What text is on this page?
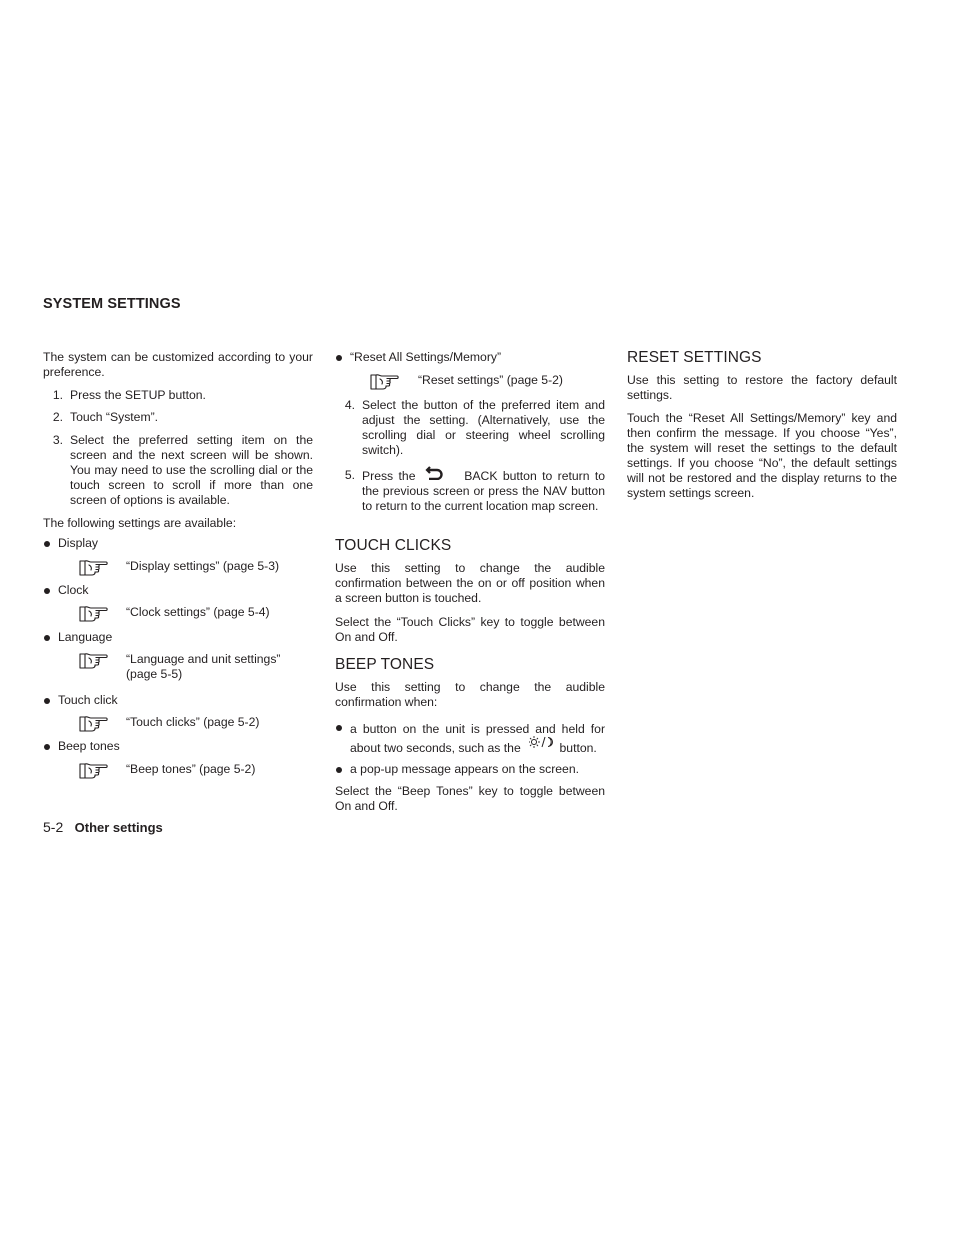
SYSTEM SETTINGS

The system can be customized according to your preference.

1. Press the SETUP button.

2. Touch “System”.

3. Select the preferred setting item on the screen and the next screen will be shown. You may need to use the scrolling dial or the touch screen to scroll if more than one screen of options is available.

The following settings are available:

Display
“Display settings” (page 5-3)
Clock
“Clock settings” (page 5-4)
Language
“Language and unit settings” (page 5-5)
Touch click
“Touch clicks” (page 5-2)
Beep tones
“Beep tones” (page 5-2)
5-2 Other settings
“Reset All Settings/Memory”
“Reset settings” (page 5-2)
4. Select the button of the preferred item and adjust the setting. (Alternatively, use the scrolling dial or steering wheel scrolling switch).

5. Press the	BACK button to return to the previous screen or press the NAV button to return to the current location map screen.
TOUCH CLICKS

Use this setting to change the audible confirmation between the on or off position when a screen button is touched.

Select the “Touch Clicks” key to toggle between On and Off.

BEEP TONES

Use this setting to change the audible confirmation when:

a button on the unit is pressed and held for about two seconds, such as the	button.
a pop-up message appears on the screen.
Select the “Beep Tones” key to toggle between On and Off.
RESET SETTINGS

Use this setting to restore the factory default settings.

Touch the “Reset All Settings/Memory” key and then confirm the message. If you choose “Yes”, the system will reset the settings to the default settings. If you choose “No”, the default settings will not be restored and the display returns to the system settings screen.
